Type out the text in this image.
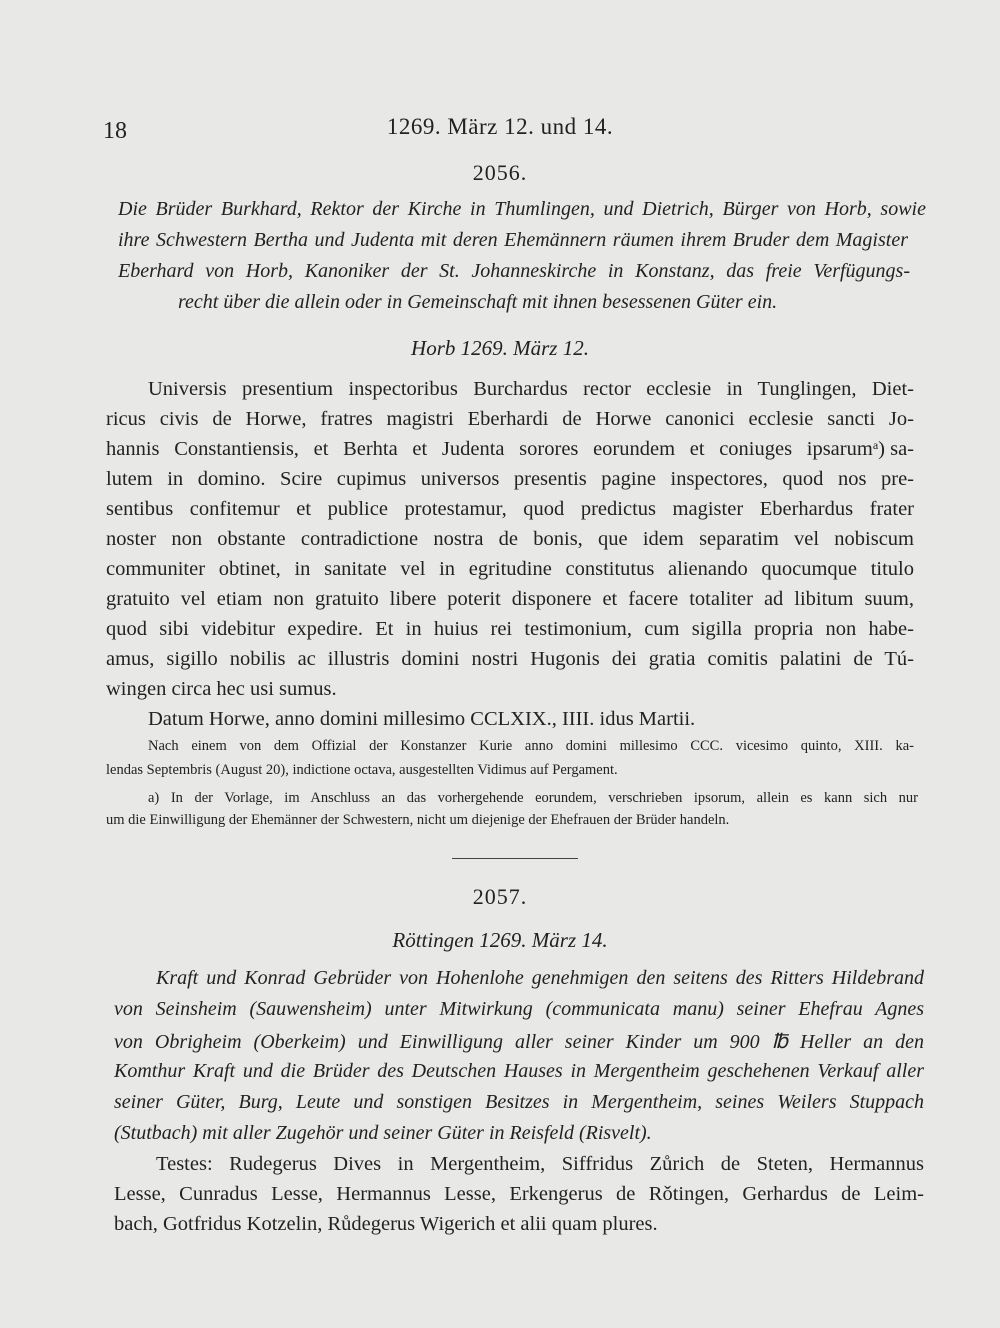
18	1269. März 12. und 14.
2056.
Die Brüder Burkhard, Rektor der Kirche in Thumlingen, und Dietrich, Bürger von Horb, sowie
ihre Schwestern Bertha und Judenta mit deren Ehemännern räumen ihrem Bruder dem Magister
Eberhard von Horb, Kanoniker der St. Johanneskirche in Konstanz, das freie Verfügungs-
recht über die allein oder in Gemeinschaft mit ihnen besessenen Güter ein.
Horb 1269. März 12.
Universis presentium inspectoribus Burchardus rector ecclesie in Tunglingen, Diet-
ricus civis de Horwe, fratres magistri Eberhardi de Horwe canonici ecclesie sancti Jo-
hannis Constantiensis, et Berhta et Judenta sorores eorundem et coniuges ipsarum a ) sa-
lutem in domino. Scire cupimus universos presentis pagine inspectores, quod nos pre-
sentibus confitemur et publice protestamur, quod predictus magister Eberhardus frater
noster non obstante contradictione nostra de bonis, que idem separatim vel nobiscum
communiter obtinet, in sanitate vel in egritudine constitutus alienando quocumque titulo
gratuito vel etiam non gratuito libere poterit disponere et facere totaliter ad libitum suum,
quod sibi videbitur expedire. Et in huius rei testimonium, cum sigilla propria non habe-
amus, sigillo nobilis ac illustris domini nostri Hugonis dei gratia comitis palatini de Tú-
wingen circa hec usi sumus.
Datum Horwe, anno domini millesimo CCLXIX., IIII. idus Martii.
Nach einem von dem Offizial der Konstanzer Kurie anno domini millesimo CCC. vicesimo quinto, XIII. ka-
lendas Septembris (August 20), indictione octava, ausgestellten Vidimus auf Pergament.
a) In der Vorlage, im Anschluss an das vorhergehende eorundem, verschrieben ipsorum, allein es kann sich nur
um die Einwilligung der Ehemänner der Schwestern, nicht um diejenige der Ehefrauen der Brüder handeln.
2057.
Röttingen 1269. März 14.
Kraft und Konrad Gebrüder von Hohenlohe genehmigen den seitens des Ritters Hildebrand
von Seinsheim (Sauwensheim) unter Mitwirkung (communicata manu) seiner Ehefrau Agnes
von Obrigheim (Oberkeim) und Einwilligung aller seiner Kinder um 900 ℔ Heller an den
Komthur Kraft und die Brüder des Deutschen Hauses in Mergentheim geschehenen Verkauf aller
seiner Güter, Burg, Leute und sonstigen Besitzes in Mergentheim, seines Weilers Stuppach
(Stutbach) mit aller Zugehör und seiner Güter in Reisfeld (Risvelt).
Testes: Rudegerus Dives in Mergentheim, Siffridus Zůrich de Steten, Hermannus
Lesse, Cunradus Lesse, Hermannus Lesse, Erkengerus de Rǒtingen, Gerhardus de Leim-
bach, Gotfridus Kotzelin, Růdegerus Wigerich et alii quam plures.
